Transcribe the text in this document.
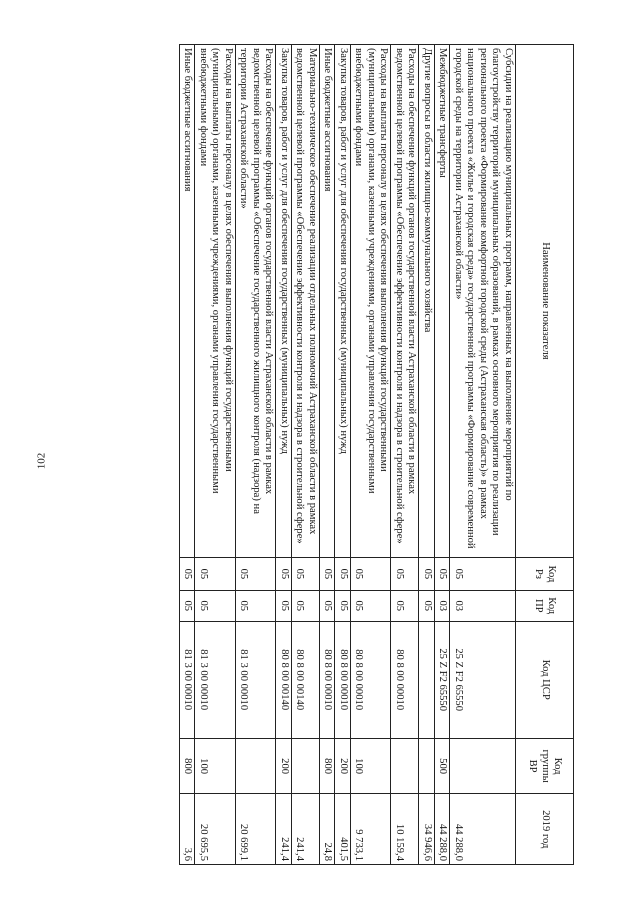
102
Наименование показателя	Код Рз	Код ПР	Код ЦСР	Код группы ВР	2019 год
Субсидии на реализацию муниципальных программ, направленных на выполнение мероприятий по благоустройству территорий муниципальных образований, в рамках основного мероприятия по реализации регионального проекта «Формирование комфортной городской среды (Астраханская область)» в рамках национального проекта «Жилье и городская среда» государственной программы «Формирование современной городской среды на территории Астраханской области»	05	03	25 Z F2 65550		44 288,0
Межбюджетные трансферты	05	03	25 Z F2 65550	500	44 288,0
Другие вопросы в области жилищно-коммунального хозяйства	05	05			34 946,6
Расходы на обеспечение функций органов государственной власти Астраханской области в рамках ведомственной целевой программы «Обеспечение эффективности контроля и надзора в строительной сфере»	05	05	80 8 00 00010		10 159,4
Расходы на выплаты персоналу в целях обеспечения выполнения функций государственными (муниципальными) органами, казенными учреждениями, органами управления государственными внебюджетными фондами	05	05	80 8 00 00010	100	9 733,1
Закупка товаров, работ и услуг для обеспечения государственных (муниципальных) нужд	05	05	80 8 00 00010	200	401,5
Иные бюджетные ассигнования	05	05	80 8 00 00010	800	24,8
Материально-техническое обеспечение реализации отдельных полномочий Астраханской области в рамках ведомственной целевой программы «Обеспечение эффективности контроля и надзора в строительной сфере»	05	05	80 8 00 00140		241,4
Закупка товаров, работ и услуг для обеспечения государственных (муниципальных) нужд	05	05	80 8 00 00140	200	241,4
Расходы на обеспечение функций органов государственной власти Астраханской области в рамках ведомственной целевой программы «Обеспечение государственного жилищного контроля (надзора) на территории Астраханской области»	05	05	81 3 00 00010		20 699,1
Расходы на выплаты персоналу в целях обеспечения выполнения функций государственными (муниципальными) органами, казенными учреждениями, органами управления государственными внебюджетными фондами	05	05	81 3 00 00010	100	20 695,5
Иные бюджетные ассигнования	05	05	81 3 00 00010	800	3,6
